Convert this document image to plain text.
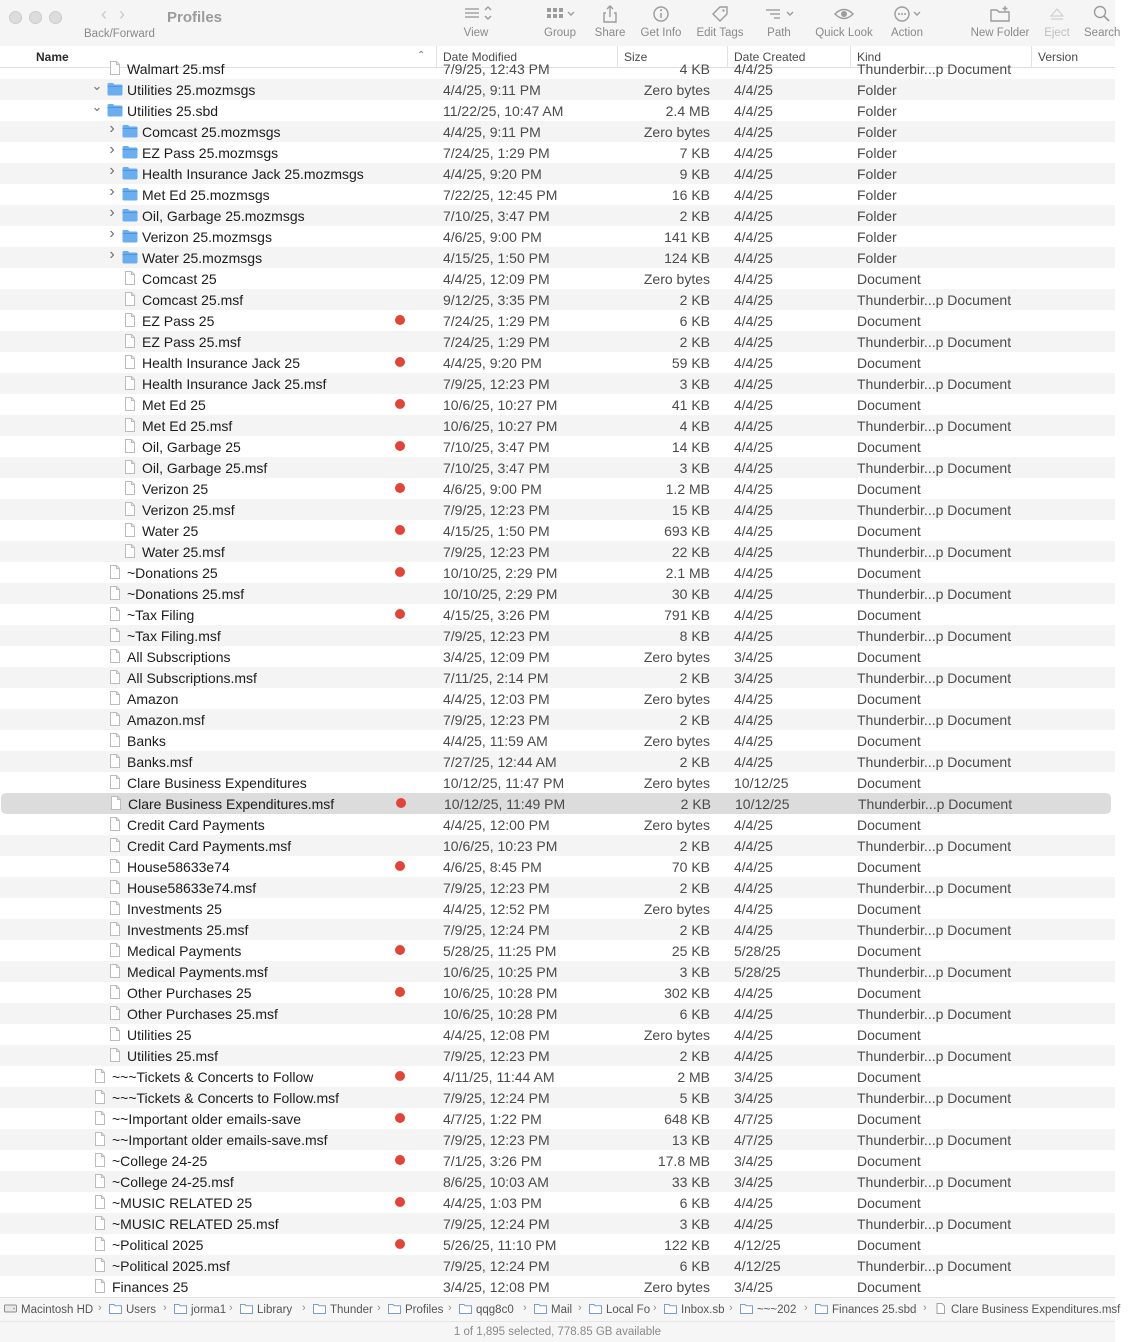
‹›
Back/Forward
Profiles
View	Group	Share Get Info Edit Tags	Path	Quick Look Action	New Folder Eject Search
Name	Date Modified	Size	Date Created	Kind	Version
⌃
Walmart 25.msf	7/9/25, 12:43 PM	4 KB 4/4/25	Thunderbir...p Document
⌄ Utilities 25.mozmsgs	4/4/25, 9:11 PM	Zero bytes 4/4/25	Folder
⌄ Utilities 25.sbd	11/22/25, 10:47 AM	2.4 MB 4/4/25	Folder
› Comcast 25.mozmsgs	4/4/25, 9:11 PM	Zero bytes 4/4/25	Folder
› EZ Pass 25.mozmsgs	7/24/25, 1:29 PM	7 KB 4/4/25	Folder
› Health Insurance Jack 25.mozmsgs	4/4/25, 9:20 PM	9 KB 4/4/25	Folder
› Met Ed 25.mozmsgs	7/22/25, 12:45 PM	16 KB 4/4/25	Folder
› Oil, Garbage 25.mozmsgs	7/10/25, 3:47 PM	2 KB 4/4/25	Folder
› Verizon 25.mozmsgs	4/6/25, 9:00 PM	141 KB 4/4/25	Folder
› Water 25.mozmsgs	4/15/25, 1:50 PM	124 KB 4/4/25	Folder
Comcast 25	4/4/25, 12:09 PM	Zero bytes 4/4/25	Document
Comcast 25.msf	9/12/25, 3:35 PM	2 KB 4/4/25	Thunderbir...p Document
EZ Pass 25	7/24/25, 1:29 PM	6 KB 4/4/25	Document
EZ Pass 25.msf	7/24/25, 1:29 PM	2 KB 4/4/25	Thunderbir...p Document
Health Insurance Jack 25	4/4/25, 9:20 PM	59 KB 4/4/25	Document
Health Insurance Jack 25.msf	7/9/25, 12:23 PM	3 KB 4/4/25	Thunderbir...p Document
Met Ed 25	10/6/25, 10:27 PM	41 KB 4/4/25	Document
Met Ed 25.msf	10/6/25, 10:27 PM	4 KB 4/4/25	Thunderbir...p Document
Oil, Garbage 25	7/10/25, 3:47 PM	14 KB 4/4/25	Document
Oil, Garbage 25.msf	7/10/25, 3:47 PM	3 KB 4/4/25	Thunderbir...p Document
Verizon 25	4/6/25, 9:00 PM	1.2 MB 4/4/25	Document
Verizon 25.msf	7/9/25, 12:23 PM	15 KB 4/4/25	Thunderbir...p Document
Water 25	4/15/25, 1:50 PM	693 KB 4/4/25	Document
Water 25.msf	7/9/25, 12:23 PM	22 KB 4/4/25	Thunderbir...p Document
~Donations 25	10/10/25, 2:29 PM	2.1 MB 4/4/25	Document
~Donations 25.msf	10/10/25, 2:29 PM	30 KB 4/4/25	Thunderbir...p Document
~Tax Filing	4/15/25, 3:26 PM	791 KB 4/4/25	Document
~Tax Filing.msf	7/9/25, 12:23 PM	8 KB 4/4/25	Thunderbir...p Document
All Subscriptions	3/4/25, 12:09 PM	Zero bytes 3/4/25	Document
All Subscriptions.msf	7/11/25, 2:14 PM	2 KB 3/4/25	Thunderbir...p Document
Amazon	4/4/25, 12:03 PM	Zero bytes 4/4/25	Document
Amazon.msf	7/9/25, 12:23 PM	2 KB 4/4/25	Thunderbir...p Document
Banks	4/4/25, 11:59 AM	Zero bytes 4/4/25	Document
Banks.msf	7/27/25, 12:44 AM	2 KB 4/4/25	Thunderbir...p Document
Clare Business Expenditures	10/12/25, 11:47 PM	Zero bytes 10/12/25	Document
Clare Business Expenditures.msf	10/12/25, 11:49 PM	2 KB 10/12/25	Thunderbir...p Document
Credit Card Payments	4/4/25, 12:00 PM	Zero bytes 4/4/25	Document
Credit Card Payments.msf	10/6/25, 10:23 PM	2 KB 4/4/25	Thunderbir...p Document
House58633e74	4/6/25, 8:45 PM	70 KB 4/4/25	Document
House58633e74.msf	7/9/25, 12:23 PM	2 KB 4/4/25	Thunderbir...p Document
Investments 25	4/4/25, 12:52 PM	Zero bytes 4/4/25	Document
Investments 25.msf	7/9/25, 12:24 PM	2 KB 4/4/25	Thunderbir...p Document
Medical Payments	5/28/25, 11:25 PM	25 KB 5/28/25	Document
Medical Payments.msf	10/6/25, 10:25 PM	3 KB 5/28/25	Thunderbir...p Document
Other Purchases 25	10/6/25, 10:28 PM	302 KB 4/4/25	Document
Other Purchases 25.msf	10/6/25, 10:28 PM	6 KB 4/4/25	Thunderbir...p Document
Utilities 25	4/4/25, 12:08 PM	Zero bytes 4/4/25	Document
Utilities 25.msf	7/9/25, 12:23 PM	2 KB 4/4/25	Thunderbir...p Document
~~~Tickets & Concerts to Follow	4/11/25, 11:44 AM	2 MB 3/4/25	Document
~~~Tickets & Concerts to Follow.msf	7/9/25, 12:24 PM	5 KB 3/4/25	Thunderbir...p Document
~~Important older emails-save	4/7/25, 1:22 PM	648 KB 4/7/25	Document
~~Important older emails-save.msf	7/9/25, 12:23 PM	13 KB 4/7/25	Thunderbir...p Document
~College 24-25	7/1/25, 3:26 PM	17.8 MB 3/4/25	Document
~College 24-25.msf	8/6/25, 10:03 AM	33 KB 3/4/25	Thunderbir...p Document
~MUSIC RELATED 25	4/4/25, 1:03 PM	6 KB 4/4/25	Document
~MUSIC RELATED 25.msf	7/9/25, 12:24 PM	3 KB 4/4/25	Thunderbir...p Document
~Political 2025	5/26/25, 11:10 PM	122 KB 4/12/25	Document
~Political 2025.msf	7/9/25, 12:24 PM	6 KB 4/12/25	Thunderbir...p Document
Finances 25	3/4/25, 12:08 PM	Zero bytes 3/4/25	Document
Macintosh HD ›	Users ›	jorma1 ›	Library ›	Thunder ›	Profiles ›	qqg8c0 ›	Mail ›	Local Fo ›	Inbox.sb ›	~~~202 ›	Finances 25.sbd ›	Clare Business Expenditures.msf
1 of 1,895 selected, 778.85 GB available
